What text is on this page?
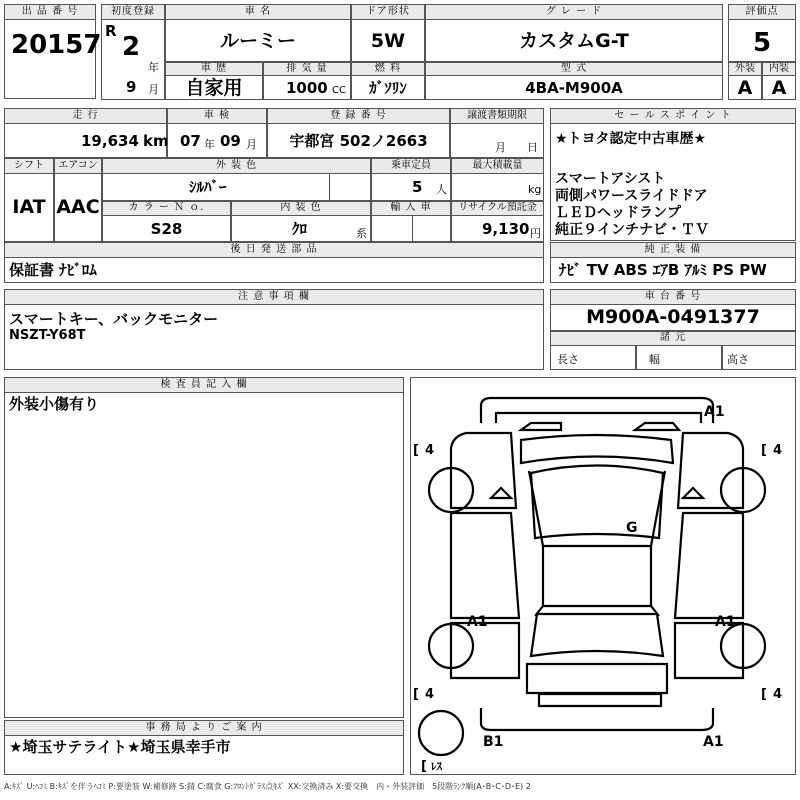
出 品 番 号
20157
初度登録
R
2
年
9 月
車 名
ルーミー
ドア形状
5W
グ レ ー ド
カスタムG-T
評価点
5
車 歴
自家用
排 気 量
1000 CC
燃 料
ｶﾞｿﾘﾝ
型 式
4BA-M900A
外装
A
内装
A
走 行
19,634 km
車 検
07 年 09 月
登 録 番 号
宇都宮 502ノ2663
譲渡書類期限
月 日
セ ー ル ス ポ イ ン ト
★トヨタ認定中古車歴★
スマートアシスト
両側パワースライドドア
ＬＥＤヘッドランプ
純正９インチナビ・ＴＶ
シフト
IAT
エアコン
AAC
外 装 色
ｼﾙﾊﾞｰ
乗車定員
5 人
最大積載量
kg
カ ラ ー Ｎ ｏ.
S28
内 装 色
ｸﾛ	系
輸 入 車	リサイクル預託金
9,130 円
後 日 発 送 部 品
保証書 ﾅﾋﾞﾛﾑ
純 正 装 備
ﾅﾋﾞ TV ABS ｴｱB ｱﾙﾐ PS PW
注 意 事 項 欄
スマートキー、バックモニター
NSZT-Y68T
車 台 番 号
M900A-0491377
諸 元
長さ	幅	高さ
検 査 員 記 入 欄
外装小傷有り
事 務 局 よ り ご 案 内
★埼玉サテライト★埼玉県幸手市
A1
G
A1	A1
B1	A1
[ 4	[ 4
[ 4	[ 4
[ ﾚｽ
A:ｷｽﾞ U:ﾍｺﾐ B:ｷｽﾞを伴うﾍｺﾐ P:要塗装 W:補修跡 S:錆 C:腐食 G:ﾌﾛﾝﾄｶﾞﾗｽ点ｷｽﾞ XX:交換済み X:要交換　内・外装評価　5段階ﾗﾝｸ順(A･B･C･D･E) 2
